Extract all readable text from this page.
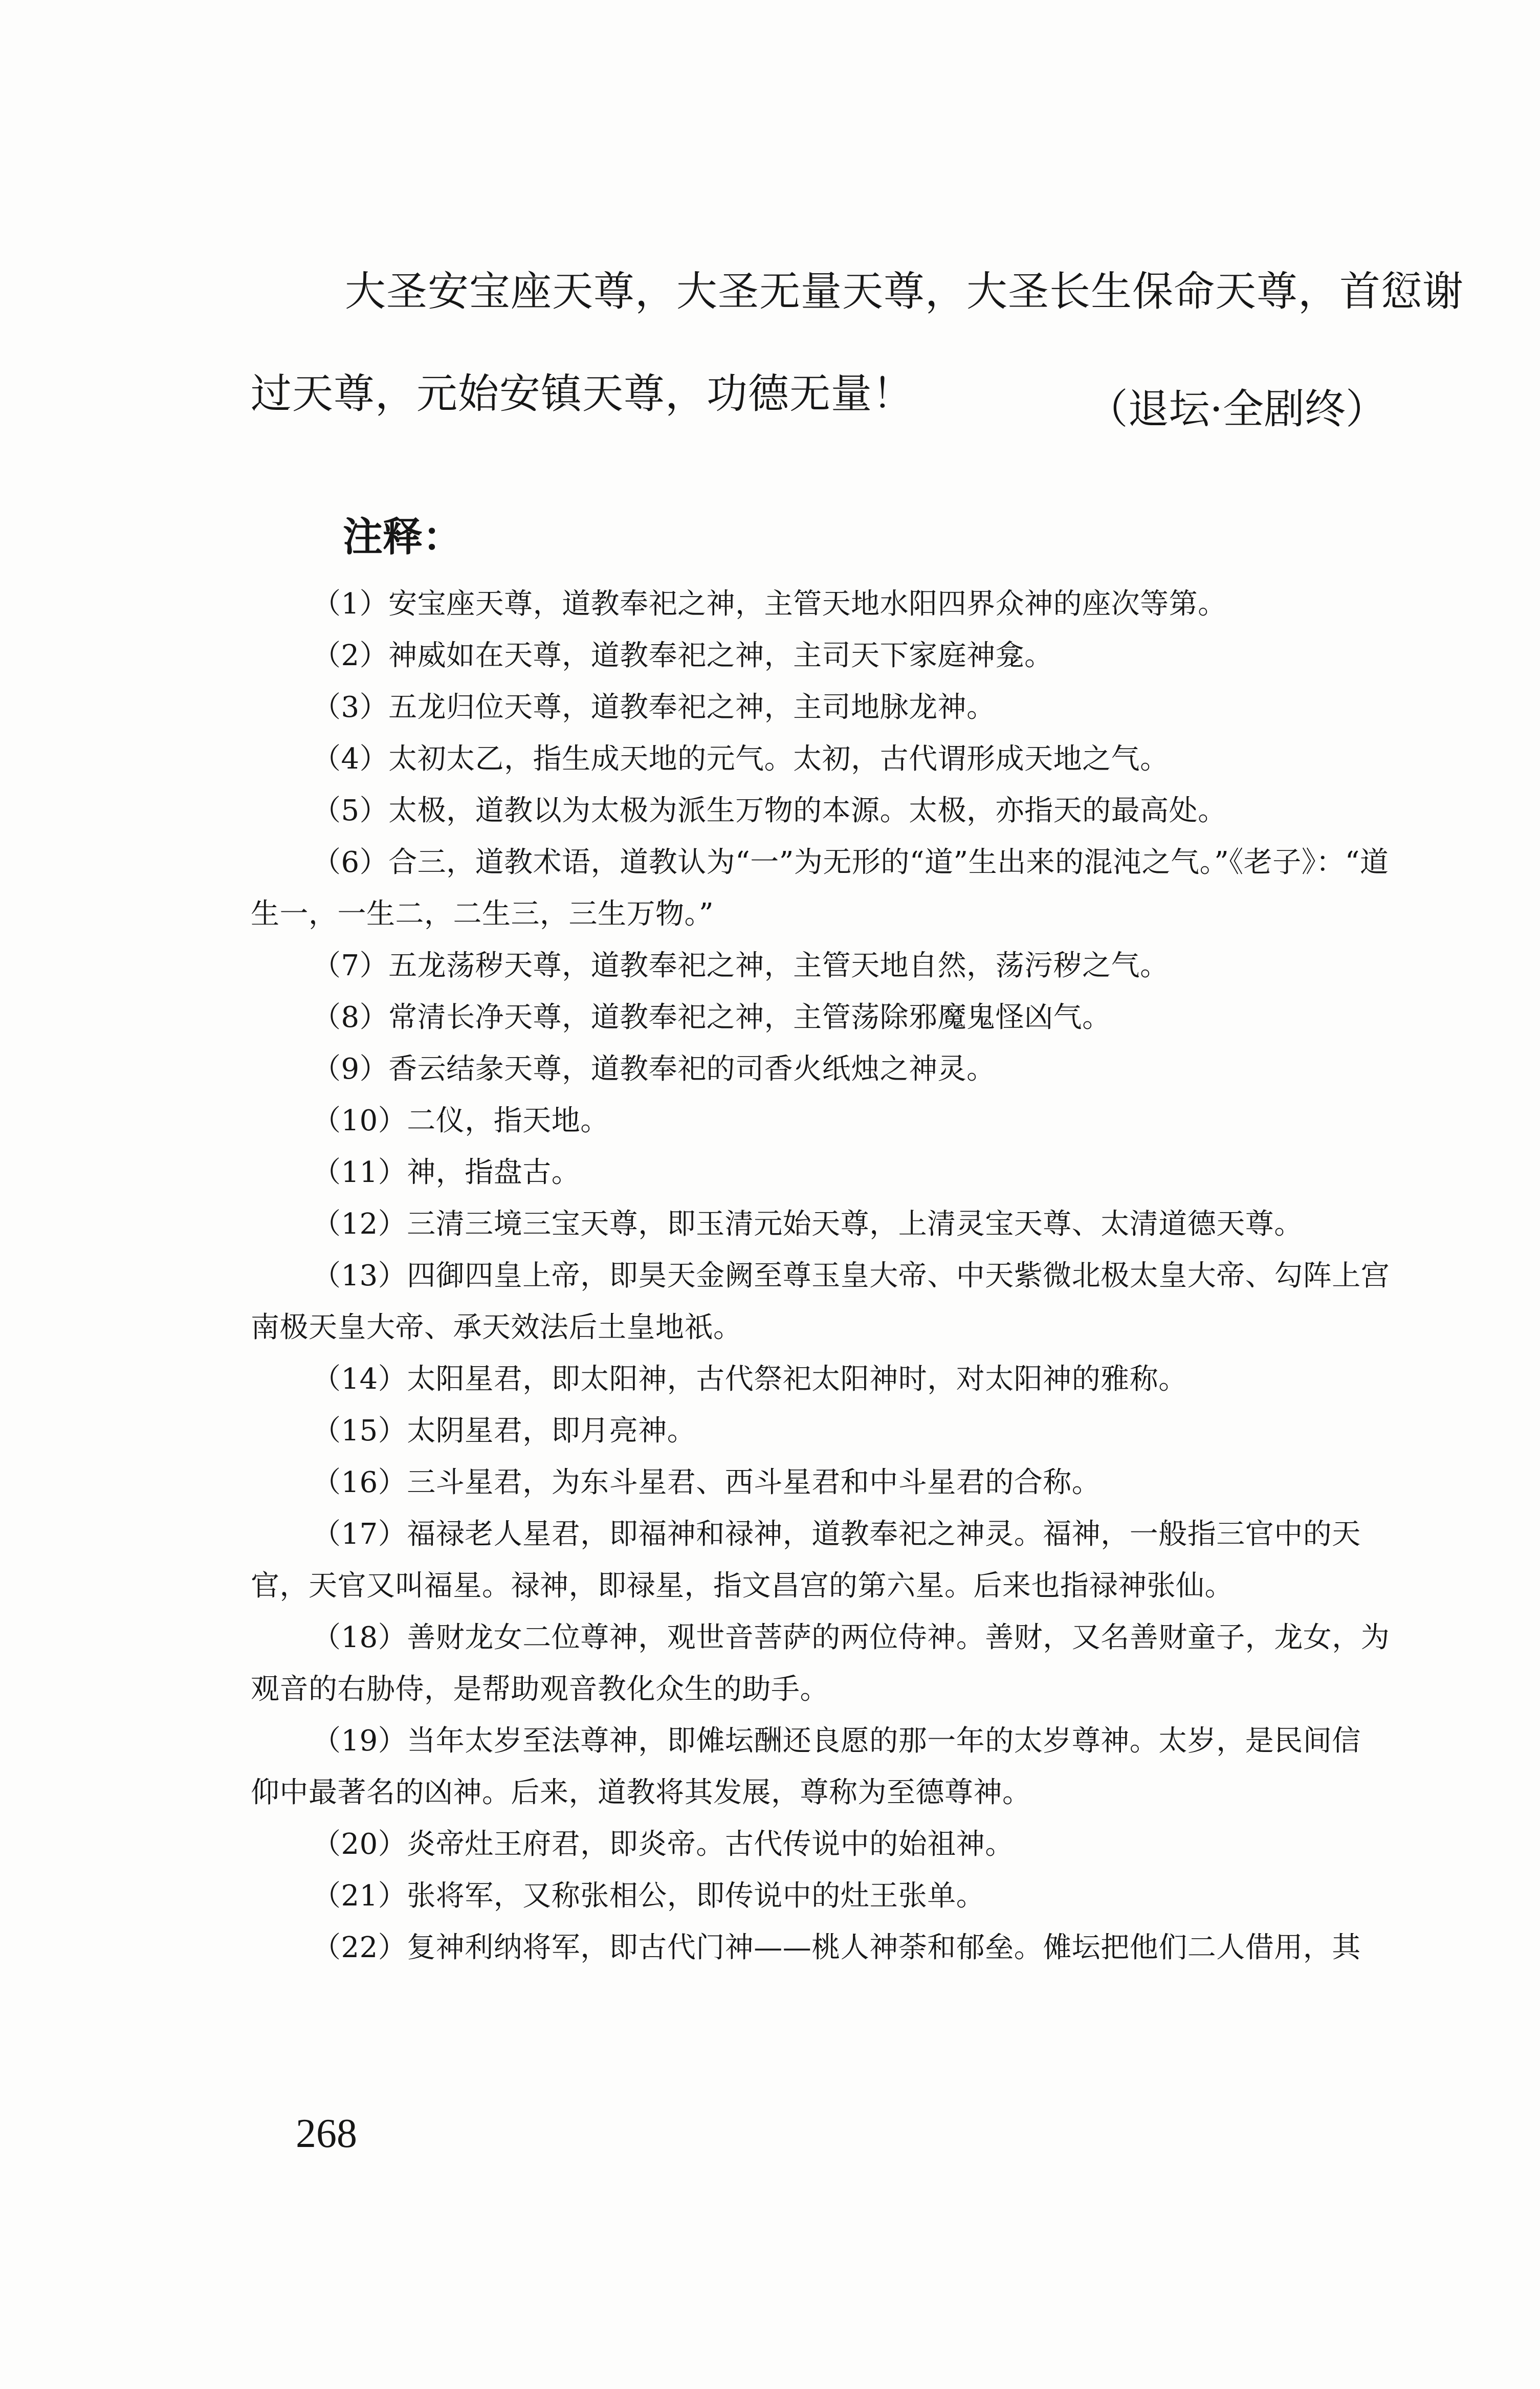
大圣安宝座天尊，大圣无量天尊，大圣长生保命天尊，首愆谢

过天尊，元始安镇天尊，功德无量！	（退坛·全剧终）
注释：

（1）安宝座天尊，道教奉祀之神，主管天地水阳四界众神的座次等第。

（2）神威如在天尊，道教奉祀之神，主司天下家庭神龛。

（3）五龙归位天尊，道教奉祀之神，主司地脉龙神。

（4）太初太乙，指生成天地的元气。太初，古代谓形成天地之气。

（5）太极，道教以为太极为派生万物的本源。太极，亦指天的最高处。

（6）合三，道教术语，道教认为“一”为无形的“道”生出来的混沌之气。”《老子》：“道
生一，一生二，二生三，三生万物。”

（7）五龙荡秽天尊，道教奉祀之神，主管天地自然，荡污秽之气。

（8）常清长净天尊，道教奉祀之神，主管荡除邪魔鬼怪凶气。

（9）香云结彖天尊，道教奉祀的司香火纸烛之神灵。

（10）二仪，指天地。

（11）神，指盘古。

（12）三清三境三宝天尊，即玉清元始天尊，上清灵宝天尊、太清道德天尊。

（13）四御四皇上帝，即昊天金阙至尊玉皇大帝、中天紫微北极太皇大帝、勾阵上宫
南极天皇大帝、承天效法后土皇地祇。

（14）太阳星君，即太阳神，古代祭祀太阳神时，对太阳神的雅称。

（15）太阴星君，即月亮神。

（16）三斗星君，为东斗星君、西斗星君和中斗星君的合称。

（17）福禄老人星君，即福神和禄神，道教奉祀之神灵。福神，一般指三官中的天
官，天官又叫福星。禄神，即禄星，指文昌宫的第六星。后来也指禄神张仙。

（18）善财龙女二位尊神，观世音菩萨的两位侍神。善财，又名善财童子，龙女，为
观音的右胁侍，是帮助观音教化众生的助手。

（19）当年太岁至法尊神，即傩坛酬还良愿的那一年的太岁尊神。太岁，是民间信
仰中最著名的凶神。后来，道教将其发展，尊称为至德尊神。

（20）炎帝灶王府君，即炎帝。古代传说中的始祖神。

（21）张将军，又称张相公，即传说中的灶王张单。

（22）复神利纳将军，即古代门神——桃人神荼和郁垒。傩坛把他们二人借用，其

268
